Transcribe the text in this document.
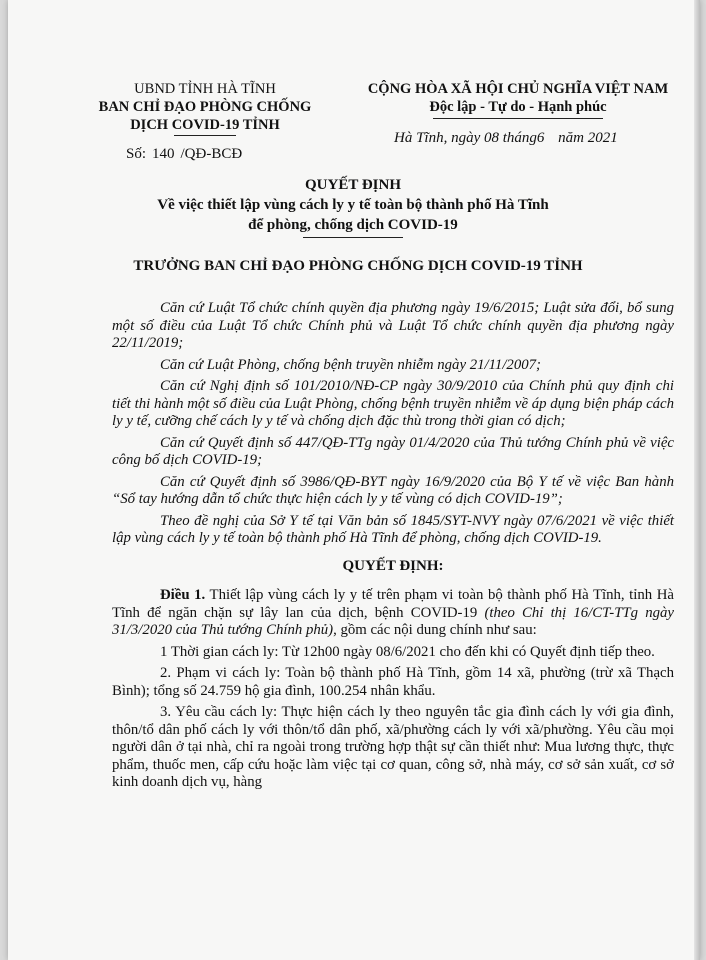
UBND TỈNH HÀ TĨNH
BAN CHỈ ĐẠO PHÒNG CHỐNG
DỊCH COVID-19 TỈNH
CỘNG HÒA XÃ HỘI CHỦ NGHĨA VIỆT NAM
Độc lập - Tự do - Hạnh phúc
Số: 140 /QĐ-BCĐ
Hà Tĩnh, ngày 08 tháng6 năm 2021
QUYẾT ĐỊNH
Về việc thiết lập vùng cách ly y tế toàn bộ thành phố Hà Tĩnh
để phòng, chống dịch COVID-19
TRƯỞNG BAN CHỈ ĐẠO PHÒNG CHỐNG DỊCH COVID-19 TỈNH

Căn cứ Luật Tổ chức chính quyền địa phương ngày 19/6/2015; Luật sửa đổi, bổ sung một số điều của Luật Tổ chức Chính phủ và Luật Tổ chức chính quyền địa phương ngày 22/11/2019;

Căn cứ Luật Phòng, chống bệnh truyền nhiễm ngày 21/11/2007;

Căn cứ Nghị định số 101/2010/NĐ-CP ngày 30/9/2010 của Chính phủ quy định chi tiết thi hành một số điều của Luật Phòng, chống bệnh truyền nhiễm về áp dụng biện pháp cách ly y tế, cưỡng chế cách ly y tế và chống dịch đặc thù trong thời gian có dịch;

Căn cứ Quyết định số 447/QĐ-TTg ngày 01/4/2020 của Thủ tướng Chính phủ về việc công bố dịch COVID-19;

Căn cứ Quyết định số 3986/QĐ-BYT ngày 16/9/2020 của Bộ Y tế về việc Ban hành “Sổ tay hướng dẫn tổ chức thực hiện cách ly y tế vùng có dịch COVID-19”;

Theo đề nghị của Sở Y tế tại Văn bản số 1845/SYT-NVY ngày 07/6/2021 về việc thiết lập vùng cách ly y tế toàn bộ thành phố Hà Tĩnh để phòng, chống dịch COVID-19.

QUYẾT ĐỊNH:

Điều 1. Thiết lập vùng cách ly y tế trên phạm vi toàn bộ thành phố Hà Tĩnh, tỉnh Hà Tĩnh để ngăn chặn sự lây lan của dịch, bệnh COVID-19 (theo Chỉ thị 16/CT-TTg ngày 31/3/2020 của Thủ tướng Chính phủ), gồm các nội dung chính như sau:

1 Thời gian cách ly: Từ 12h00 ngày 08/6/2021 cho đến khi có Quyết định tiếp theo.

2. Phạm vi cách ly: Toàn bộ thành phố Hà Tĩnh, gồm 14 xã, phường (trừ xã Thạch Bình); tổng số 24.759 hộ gia đình, 100.254 nhân khẩu.

3. Yêu cầu cách ly: Thực hiện cách ly theo nguyên tắc gia đình cách ly với gia đình, thôn/tổ dân phố cách ly với thôn/tổ dân phố, xã/phường cách ly với xã/phường. Yêu cầu mọi người dân ở tại nhà, chỉ ra ngoài trong trường hợp thật sự cần thiết như: Mua lương thực, thực phẩm, thuốc men, cấp cứu hoặc làm việc tại cơ quan, công sở, nhà máy, cơ sở sản xuất, cơ sở kinh doanh dịch vụ, hàng
